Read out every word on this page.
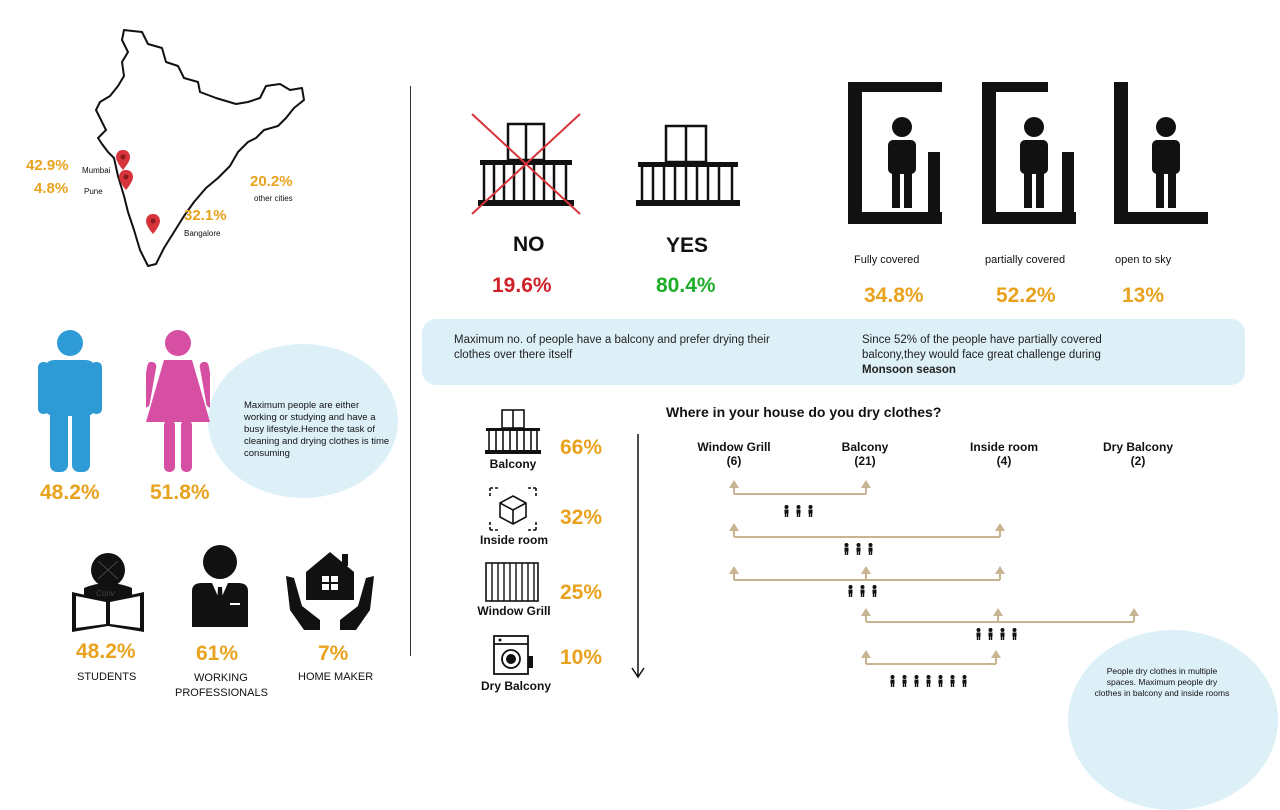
42.9%
4.8%
Mumbai
Pune
32.1%
Bangalore
20.2%
other cities
Maximum people are either working or studying and have a busy lifestyle.Hence the task of cleaning and drying clothes is time consuming
48.2% 51.8%
Conv
48.2%	61%	7%
STUDENTS	WORKING
PROFESSIONALS
HOME MAKER
NO	YES
19.6%	80.4%
Fully covered	partially covered	open to sky
34.8%	52.2%	13%
Maximum no. of people have a balcony and prefer drying their clothes over there itself
Since 52% of the people have partially covered balcony,they would face great challenge during
Monsoon season
Balcony
Inside room
Window Grill
Dry Balcony
66%
32%
25%
10%
Where in your house do you dry clothes?
Window Grill
(6)
Balcony
(21)
Inside room
(4)
Dry Balcony
(2)
People dry clothes in multiple spaces. Maximum people dry clothes in balcony and inside rooms
